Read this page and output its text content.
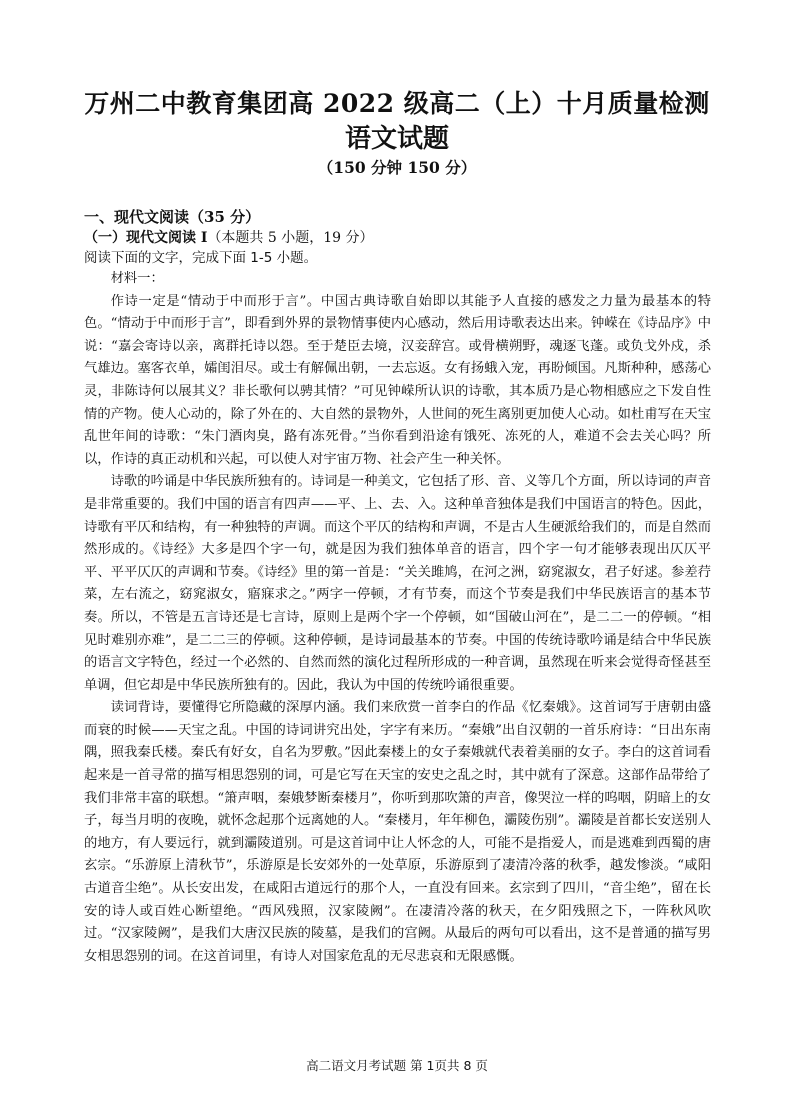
万州二中教育集团高 2022 级高二（上）十月质量检测
语文试题
（150 分钟 150 分）
一、现代文阅读（35 分）
（一）现代文阅读 I（本题共 5 小题，19 分）
阅读下面的文字，完成下面 1-5 小题。

材料一：

作诗一定是“情动于中而形于言”。中国古典诗歌自始即以其能予人直接的感发之力量为最基本的特色。“情动于中而形于言”，即看到外界的景物情事使内心感动，然后用诗歌表达出来。钟嵘在《诗品序》中说：“嘉会寄诗以亲，离群托诗以怨。至于楚臣去境，汉妾辞宫。或骨横朔野，魂逐飞蓬。或负戈外戍，杀气雄边。塞客衣单，孀闺泪尽。或士有解佩出朝，一去忘返。女有扬蛾入宠，再盼倾国。凡斯种种，感荡心灵，非陈诗何以展其义？非长歌何以骋其情？”可见钟嵘所认识的诗歌，其本质乃是心物相感应之下发自性情的产物。使人心动的，除了外在的、大自然的景物外，人世间的死生离别更加使人心动。如杜甫写在天宝乱世年间的诗歌：“朱门酒肉臭，路有冻死骨。”当你看到沿途有饿死、冻死的人，难道不会去关心吗？所以，作诗的真正动机和兴起，可以使人对宇宙万物、社会产生一种关怀。

诗歌的吟诵是中华民族所独有的。诗词是一种美文，它包括了形、音、义等几个方面，所以诗词的声音是非常重要的。我们中国的语言有四声——平、上、去、入。这种单音独体是我们中国语言的特色。因此，诗歌有平仄和结构，有一种独特的声调。而这个平仄的结构和声调，不是古人生硬派给我们的，而是自然而然形成的。《诗经》大多是四个字一句，就是因为我们独体单音的语言，四个字一句才能够表现出仄仄平平、平平仄仄的声调和节奏。《诗经》里的第一首是：“关关雎鸠，在河之洲，窈窕淑女，君子好逑。参差荇菜，左右流之，窈窕淑女，寤寐求之。”两字一停顿，才有节奏，而这个节奏是我们中华民族语言的基本节奏。所以，不管是五言诗还是七言诗，原则上是两个字一个停顿，如“国破山河在”，是二二一的停顿。“相见时难别亦难”，是二二三的停顿。这种停顿，是诗词最基本的节奏。中国的传统诗歌吟诵是结合中华民族的语言文字特色，经过一个必然的、自然而然的演化过程所形成的一种音调，虽然现在听来会觉得奇怪甚至单调，但它却是中华民族所独有的。因此，我认为中国的传统吟诵很重要。

读词背诗，要懂得它所隐藏的深厚内涵。我们来欣赏一首李白的作品《忆秦娥》。这首词写于唐朝由盛而衰的时候——天宝之乱。中国的诗词讲究出处，字字有来历。“秦娥”出自汉朝的一首乐府诗：“日出东南隅，照我秦氏楼。秦氏有好女，自名为罗敷。”因此秦楼上的女子秦娥就代表着美丽的女子。李白的这首词看起来是一首寻常的描写相思怨别的词，可是它写在天宝的安史之乱之时，其中就有了深意。这部作品带给了我们非常丰富的联想。“箫声咽，秦娥梦断秦楼月”，你听到那吹箫的声音，像哭泣一样的呜咽，阴暗上的女子，每当月明的夜晚，就怀念起那个远离她的人。“秦楼月，年年柳色，灞陵伤别”。灞陵是首都长安送别人的地方，有人要远行，就到灞陵道别。可是这首词中让人怀念的人，可能不是指爱人，而是逃难到西蜀的唐玄宗。“乐游原上清秋节”，乐游原是长安郊外的一处草原，乐游原到了凄清冷落的秋季，越发惨淡。“咸阳古道音尘绝”。从长安出发，在咸阳古道远行的那个人，一直没有回来。玄宗到了四川，“音尘绝”，留在长安的诗人或百姓心断望绝。“西风残照，汉家陵阙”。在凄清冷落的秋天，在夕阳残照之下，一阵秋风吹过。“汉家陵阙”，是我们大唐汉民族的陵墓，是我们的宫阙。从最后的两句可以看出，这不是普通的描写男女相思怨别的词。在这首词里，有诗人对国家危乱的无尽悲哀和无限感慨。

高二语文月考试题 第 1页共 8 页
